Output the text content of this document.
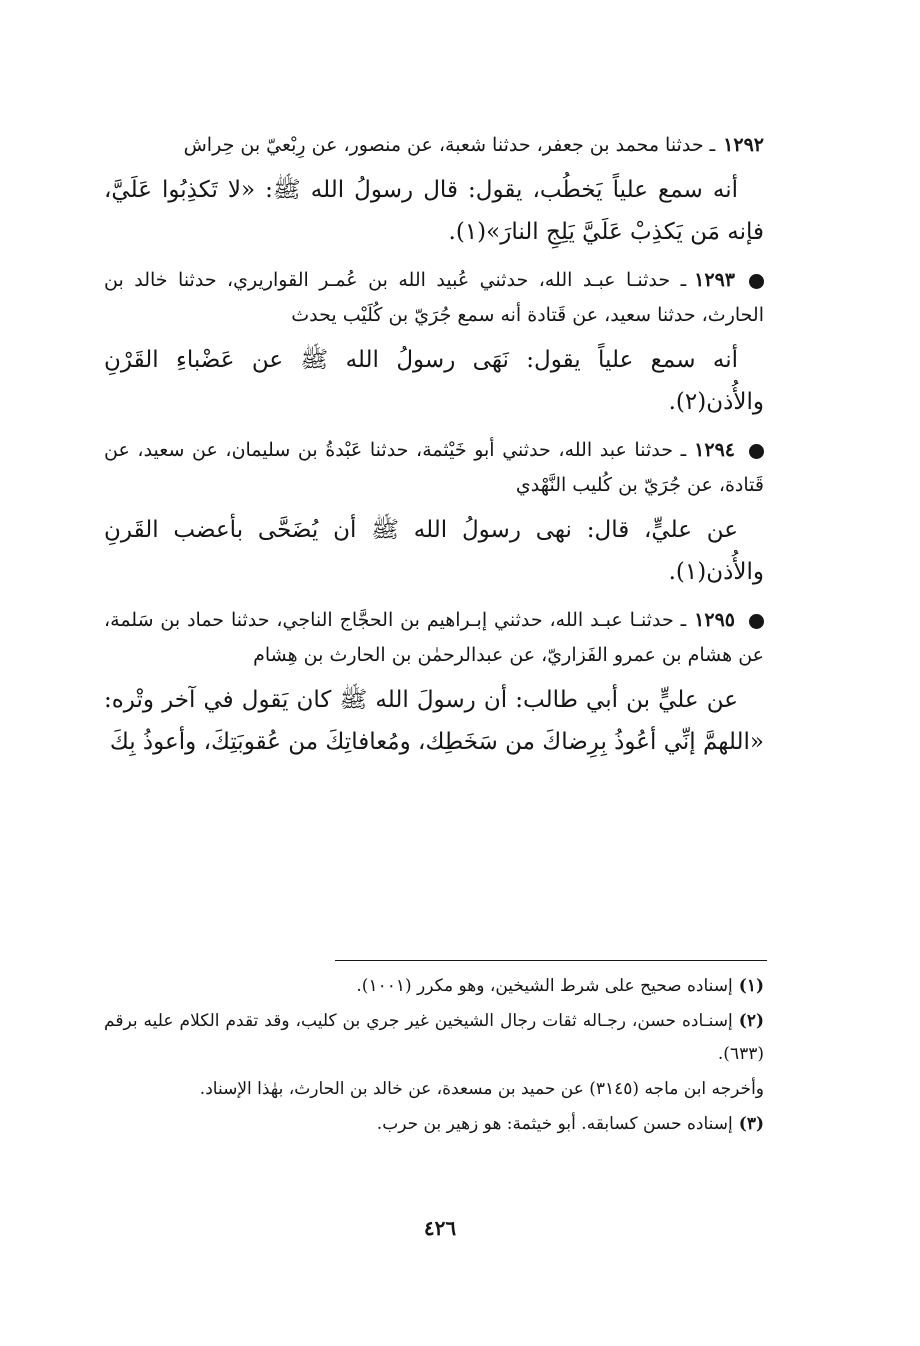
١٢٩٢ـ حدثنا محمد بن جعفر، حدثنا شعبة، عن منصور، عن رِبْعيّ بن حِراش

أنه سمع علياً يَخطُب، يقول: قال رسولُ الله ﷺ: «لا تَكذِبُوا عَلَيَّ، فإنه مَن يَكذِبْ عَلَيَّ يَلِجِ النارَ»(١).

١٢٩٣ـ حدثنـا عبـد الله، حدثني عُبيد الله بن عُمـر القواريري، حدثنا خالد بن الحارث، حدثنا سعيد، عن قَتادة أنه سمع جُرَيّ بن كُلَيْب يحدث

أنه سمع علياً يقول: نَهَى رسولُ الله ﷺ عن عَضْباءِ القَرْنِ والأُذن(٢).

١٢٩٤ـ حدثنا عبد الله، حدثني أبو خَيْثمة، حدثنا عَبْدةُ بن سليمان، عن سعيد، عن قَتادة، عن جُرَيّ بن كُليب النَّهْدي

عن عليٍّ، قال: نهى رسولُ الله ﷺ أن يُضَحَّى بأعضب القَرنِ والأُذن(١).

١٢٩٥ـ حدثنـا عبـد الله، حدثني إبـراهيم بن الحجَّاج الناجي، حدثنا حماد بن سَلمة، عن هشام بن عمرو الفَزاريّ، عن عبدالرحمٰن بن الحارث بن هِشام

عن عليٍّ بن أبي طالب: أن رسولَ الله ﷺ كان يَقول في آخر وتْره: «اللهمَّ إنِّي أعُوذُ بِرِضاكَ من سَخَطِك، ومُعافاتِكَ من عُقوبَتِكَ، وأعوذُ بِكَ

(١)إسناده صحيح على شرط الشيخين، وهو مكرر (١٠٠١).

(٢)إسنـاده حسن، رجـاله ثقات رجال الشيخين غير جري بن كليب، وقد تقدم الكلام عليه برقم (٦٣٣).

وأخرجه ابن ماجه (٣١٤٥) عن حميد بن مسعدة، عن خالد بن الحارث، بهٰذا الإسناد.

(٣)إسناده حسن كسابقه. أبو خيثمة: هو زهير بن حرب.

٤٢٦
